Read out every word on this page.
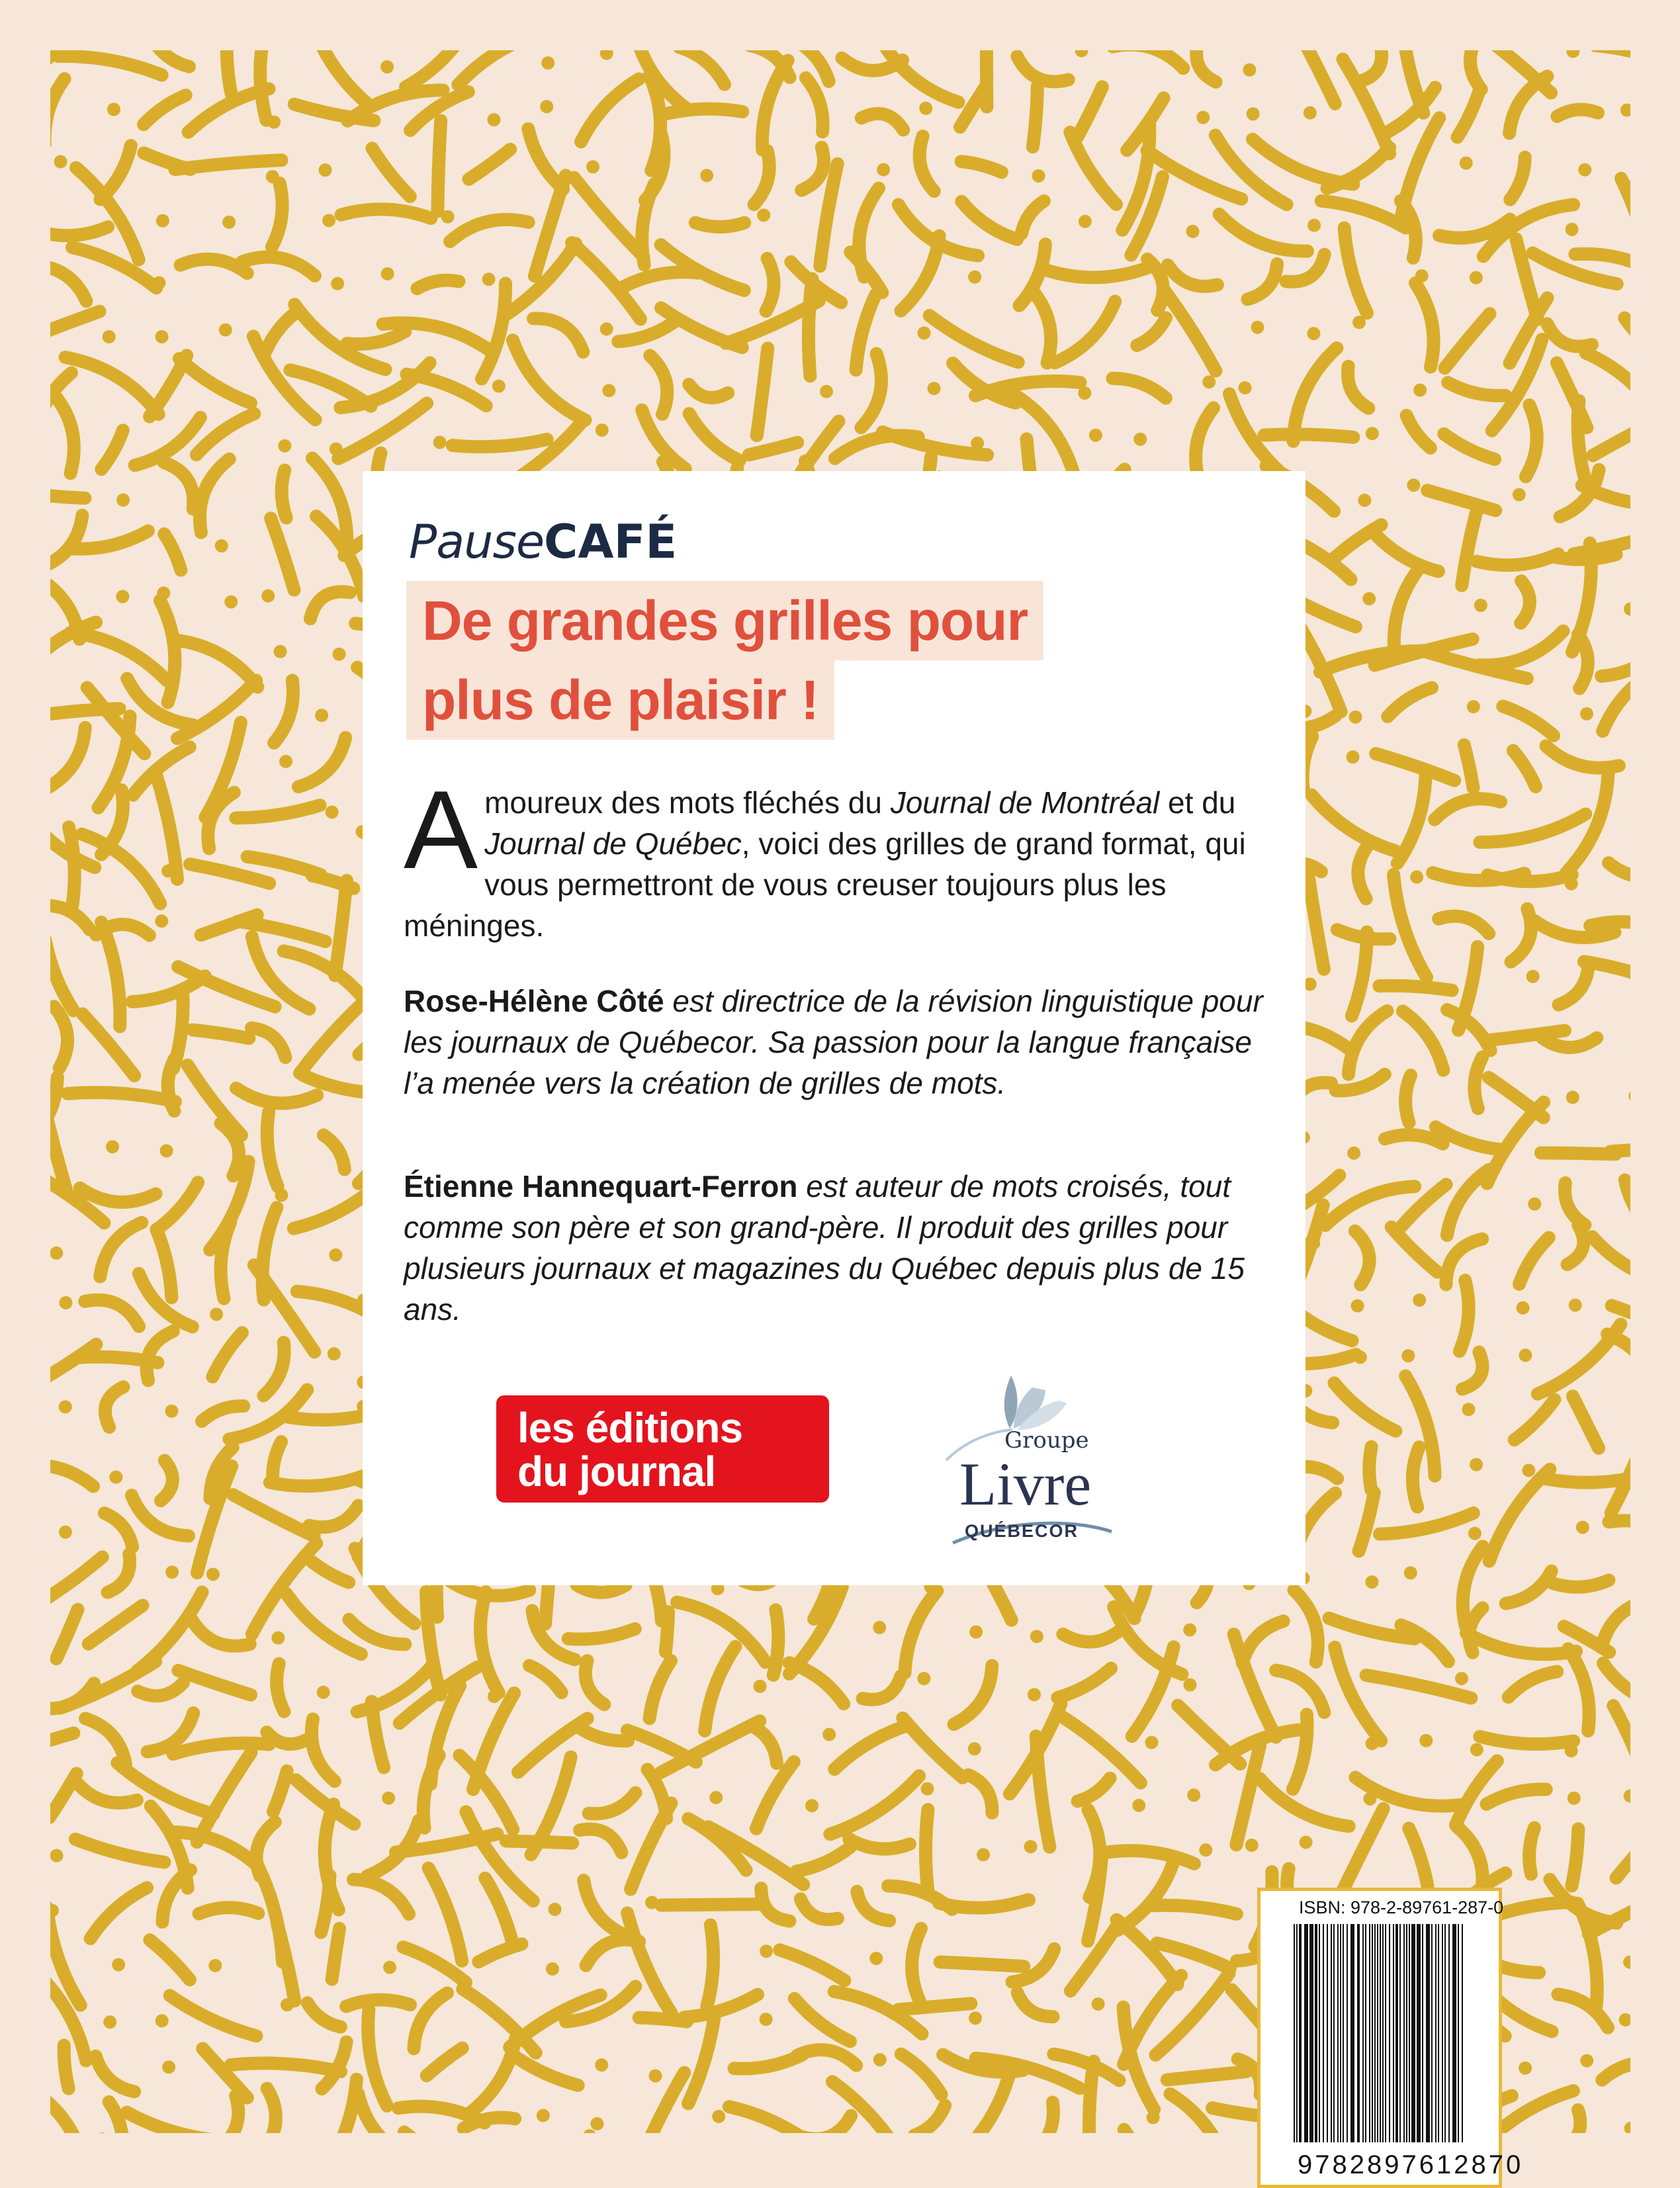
PauseCAFÉ
De grandes grilles pour
plus de plaisir !
Amoureux des mots fléchés du Journal de Montréal et du Journal de Québec, voici des grilles de grand format, qui vous permettront de vous creuser toujours plus les méninges.
Rose-Hélène Côté est directrice de la révision linguistique pour les journaux de Québecor. Sa passion pour la langue française l’a menée vers la création de grilles de mots.
Étienne Hannequart-Ferron est auteur de mots croisés, tout comme son père et son grand-père. Il produit des grilles pour plusieurs journaux et magazines du Québec depuis plus de 15 ans.
les éditions
du journal
Groupe
Livre
QUÉBECOR
ISBN: 978-2-89761-287-0
9782897612870
